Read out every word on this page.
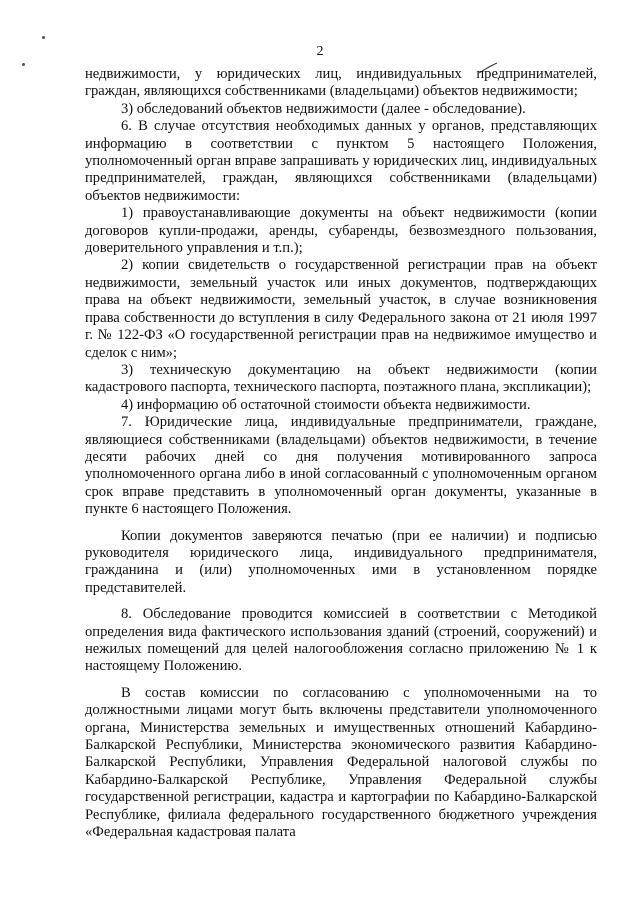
2

недвижимости, у юридических лиц, индивидуальных предпринимателей, граждан, являющихся собственниками (владельцами) объектов недвижимости;

3) обследований объектов недвижимости (далее - обследование).

6. В случае отсутствия необходимых данных у органов, представляющих информацию в соответствии с пунктом 5 настоящего Положения, уполномоченный орган вправе запрашивать у юридических лиц, индивидуальных предпринимателей, граждан, являющихся собственниками (владельцами) объектов недвижимости:

1) правоустанавливающие документы на объект недвижимости (копии договоров купли-продажи, аренды, субаренды, безвозмездного пользования, доверительного управления и т.п.);

2) копии свидетельств о государственной регистрации прав на объект недвижимости, земельный участок или иных документов, подтверждающих права на объект недвижимости, земельный участок, в случае возникновения права собственности до вступления в силу Федерального закона от 21 июля 1997 г. № 122-ФЗ «О государственной регистрации прав на недвижимое имущество и сделок с ним»;

3) техническую документацию на объект недвижимости (копии кадастрового паспорта, технического паспорта, поэтажного плана, экспликации);

4) информацию об остаточной стоимости объекта недвижимости.

7. Юридические лица, индивидуальные предприниматели, граждане, являющиеся собственниками (владельцами) объектов недвижимости, в течение десяти рабочих дней со дня получения мотивированного запроса уполномоченного органа либо в иной согласованный с уполномоченным органом срок вправе представить в уполномоченный орган документы, указанные в пункте 6 настоящего Положения.

Копии документов заверяются печатью (при ее наличии) и подписью руководителя юридического лица, индивидуального предпринимателя, гражданина и (или) уполномоченных ими в установленном порядке представителей.

8. Обследование проводится комиссией в соответствии с Методикой определения вида фактического использования зданий (строений, сооружений) и нежилых помещений для целей налогообложения согласно приложению № 1 к настоящему Положению.

В состав комиссии по согласованию с уполномоченными на то должностными лицами могут быть включены представители уполномоченного органа, Министерства земельных и имущественных отношений Кабардино-Балкарской Республики, Министерства экономического развития Кабардино-Балкарской Республики, Управления Федеральной налоговой службы по Кабардино-Балкарской Республике, Управления Федеральной службы государственной регистрации, кадастра и картографии по Кабардино-Балкарской Республике, филиала федерального государственного бюджетного учреждения «Федеральная кадастровая палата
